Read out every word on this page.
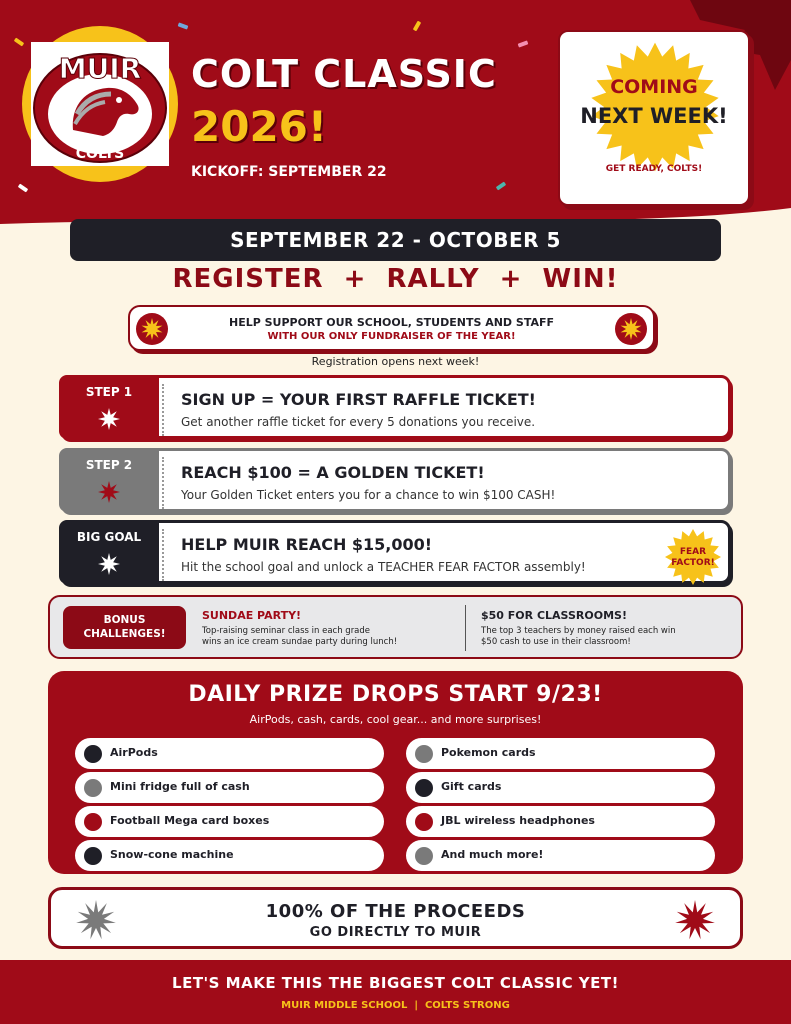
MUIR
COLTS
COLT CLASSIC
2026!
KICKOFF: SEPTEMBER 22
COMING
NEXT WEEK!
GET READY, COLTS!
SEPTEMBER 22 - OCTOBER 5
REGISTER  +  RALLY  +  WIN!
HELP SUPPORT OUR SCHOOL, STUDENTS AND STAFF
WITH OUR ONLY FUNDRAISER OF THE YEAR!
Registration opens next week!
STEP 1	SIGN UP = YOUR FIRST RAFFLE TICKET!
Get another raffle ticket for every 5 donations you receive.
STEP 2	REACH $100 = A GOLDEN TICKET!
Your Golden Ticket enters you for a chance to win $100 CASH!
BIG GOAL	HELP MUIR REACH $15,000!
Hit the school goal and unlock a TEACHER FEAR FACTOR assembly!
FEAR
FACTOR!
BONUS
CHALLENGES!
SUNDAE PARTY!
Top-raising seminar class in each grade
wins an ice cream sundae party during lunch!
$50 FOR CLASSROOMS!
The top 3 teachers by money raised each win
$50 cash to use in their classroom!
DAILY PRIZE DROPS START 9/23!
AirPods, cash, cards, cool gear... and more surprises!
AirPods	Pokemon cards
Mini fridge full of cash	Gift cards
Football Mega card boxes	JBL wireless headphones
Snow-cone machine	And much more!
100% OF THE PROCEEDS
GO DIRECTLY TO MUIR
LET'S MAKE THIS THE BIGGEST COLT CLASSIC YET!
MUIR MIDDLE SCHOOL  |  COLTS STRONG
